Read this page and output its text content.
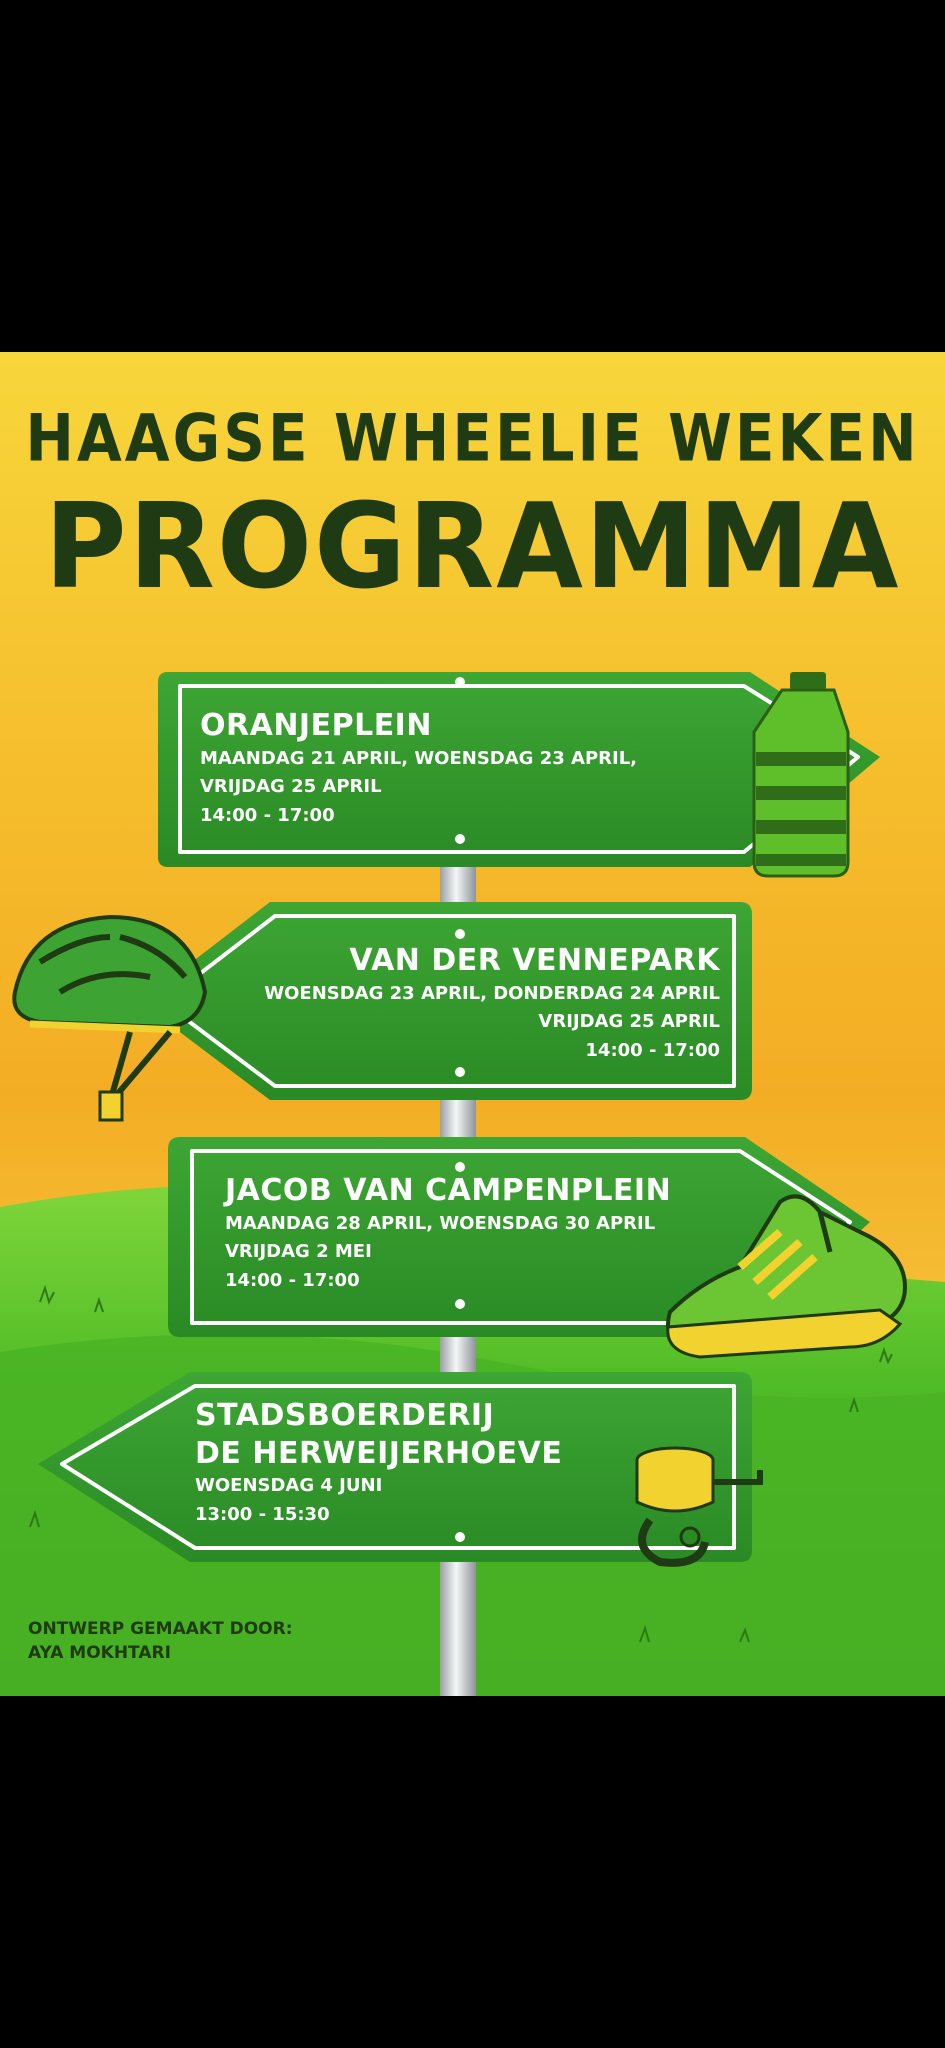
HAAGSE WHEELIE WEKEN
PROGRAMMA
ORANJEPLEIN
MAANDAG 21 APRIL, WOENSDAG 23 APRIL,
VRIJDAG 25 APRIL
14:00 - 17:00
VAN DER VENNEPARK
WOENSDAG 23 APRIL, DONDERDAG 24 APRIL
VRIJDAG 25 APRIL
14:00 - 17:00
JACOB VAN CAMPENPLEIN
MAANDAG 28 APRIL, WOENSDAG 30 APRIL
VRIJDAG 2 MEI
14:00 - 17:00
STADSBOERDERIJ
DE HERWEIJERHOEVE
WOENSDAG 4 JUNI
13:00 - 15:30
ONTWERP GEMAAKT DOOR:
AYA MOKHTARI
